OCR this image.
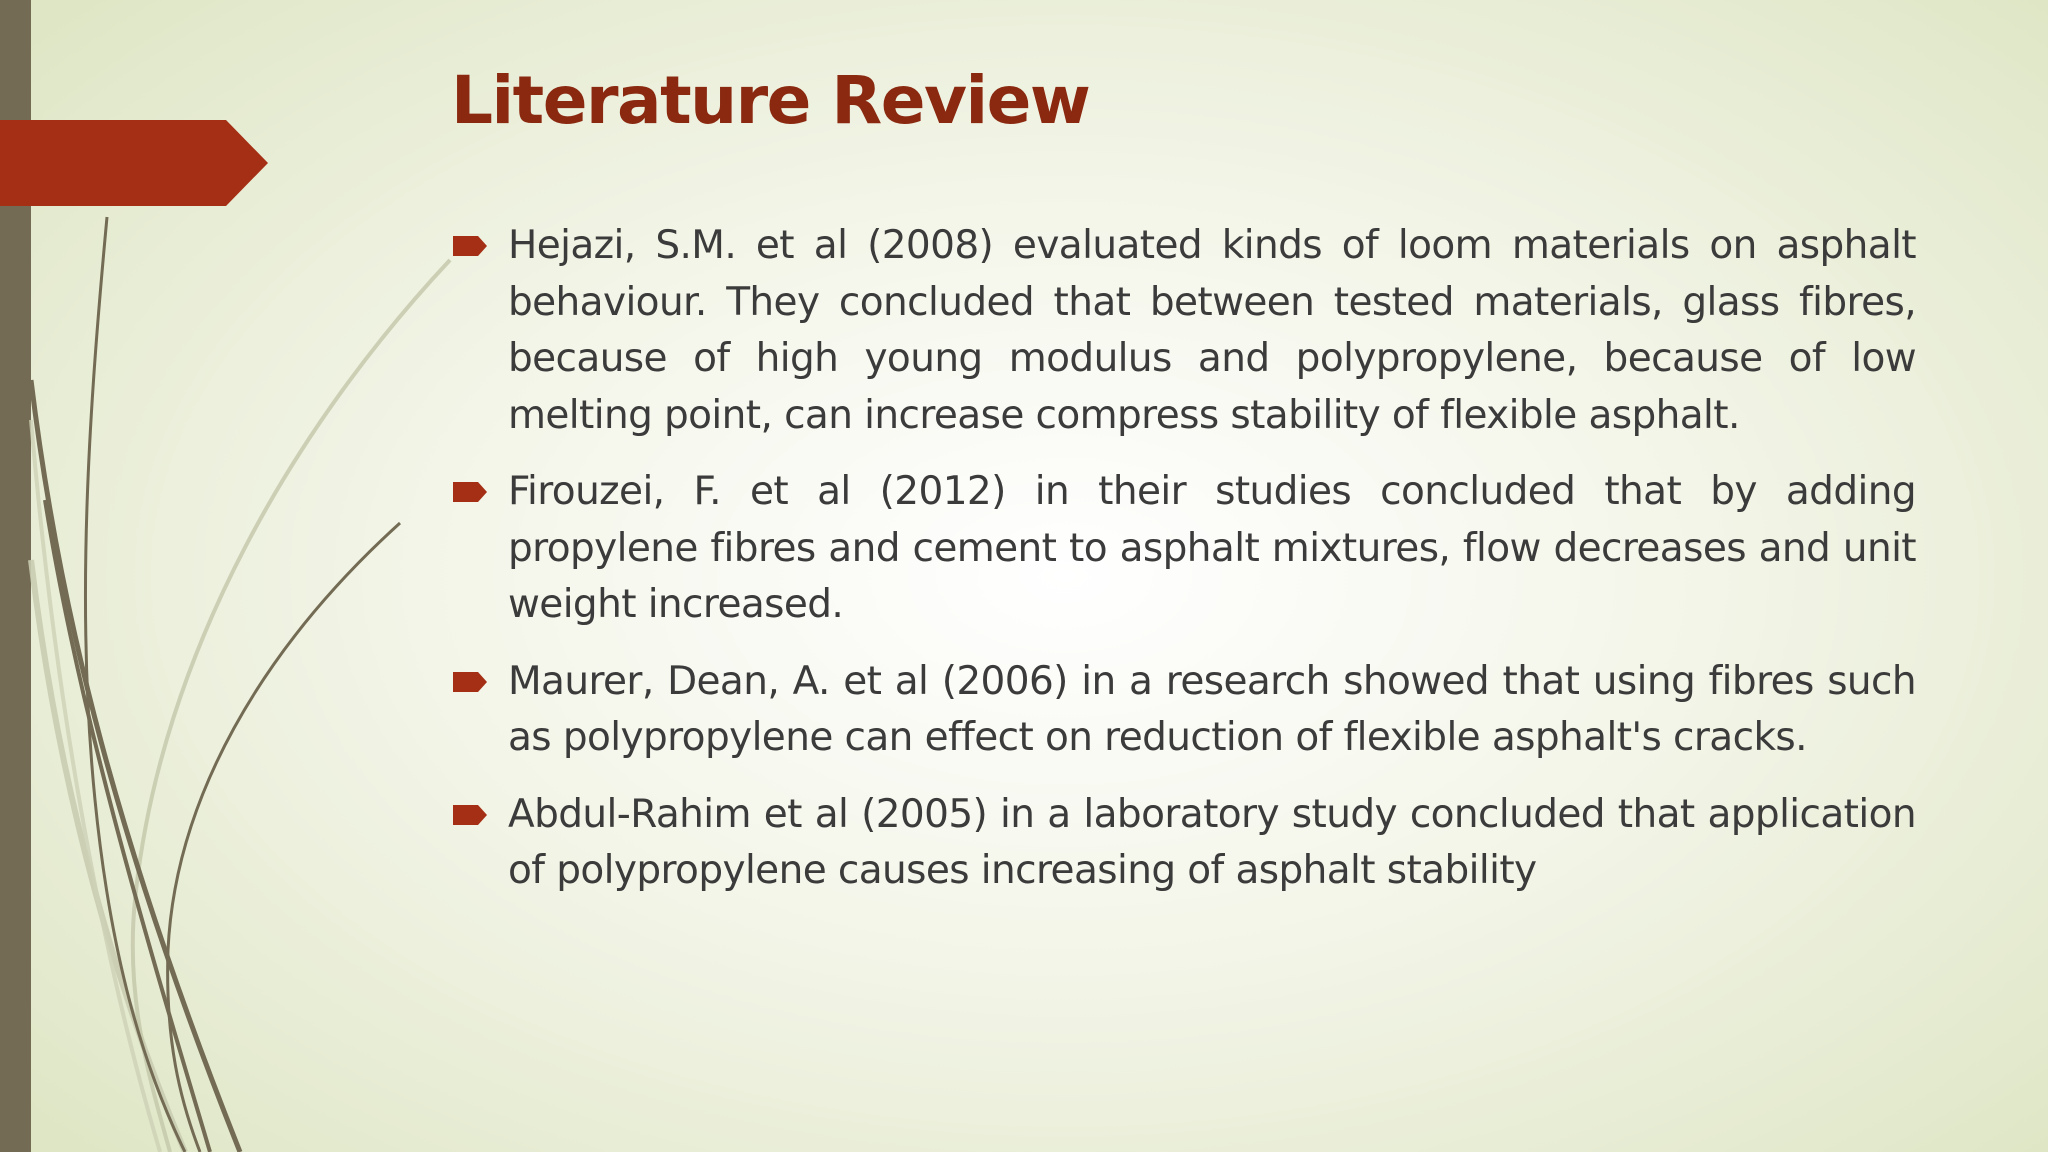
Literature Review
Hejazi, S.M. et al (2008) evaluated kinds of loom materials on asphalt behaviour. They concluded that between tested materials, glass fibres, because of high young modulus and polypropylene, because of low melting point, can increase compress stability of flexible asphalt.
Firouzei, F. et al (2012) in their studies concluded that by adding propylene fibres and cement to asphalt mixtures, flow decreases and unit weight increased.
Maurer, Dean, A. et al (2006) in a research showed that using fibres such as polypropylene can effect on reduction of flexible asphalt's cracks.
Abdul-Rahim et al (2005) in a laboratory study concluded that application of polypropylene causes increasing of asphalt stability
